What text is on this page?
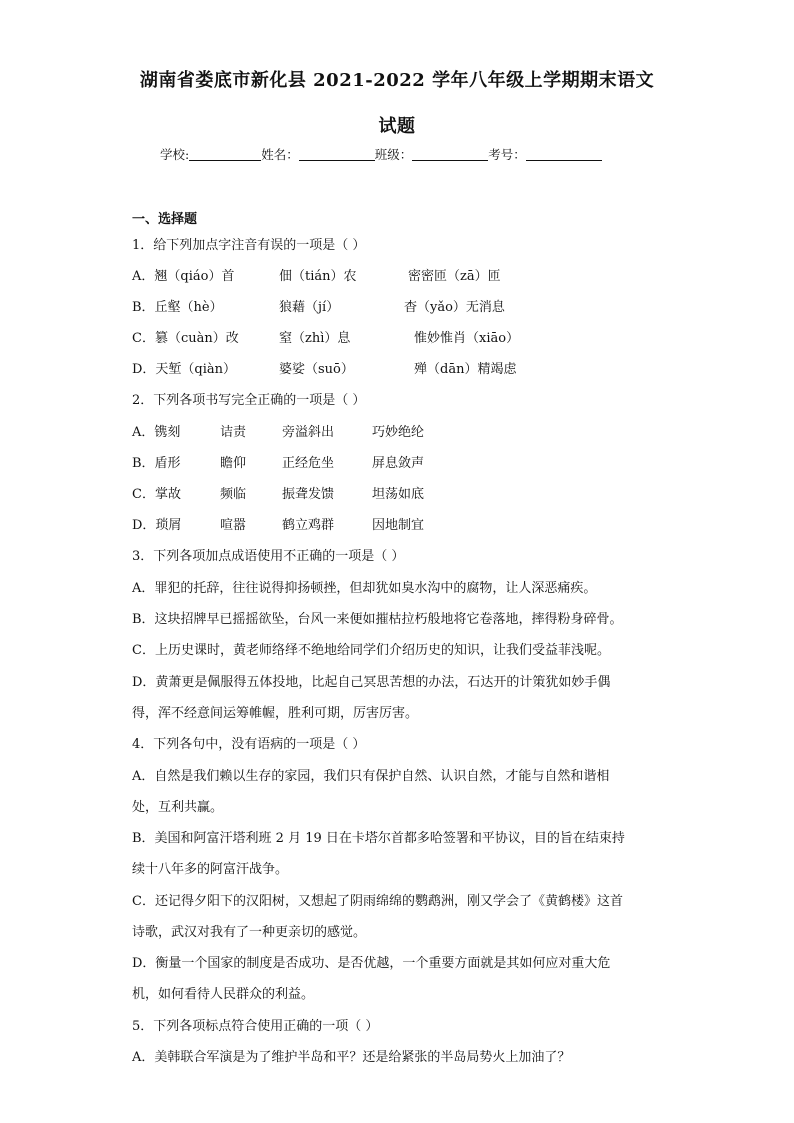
湖南省娄底市新化县 2021-2022 学年八年级上学期期末语文
试题
学校:	姓名：	班级：	考号：
一、选择题
1．给下列加点字注音有误的一项是（ ）
A．翘（qiáo）首	佃（tián）农	密密匝（zā）匝
B．丘壑（hè）	狼藉（jí）	杳（yǎo）无消息
C．篡（cuàn）改	窒（zhì）息	惟妙惟肖（xiāo）
D．天堑（qiàn）	婆娑（suō）	殚（dān）精竭虑
2．下列各项书写完全正确的一项是（ ）
A．镌刻	诘责	旁溢斜出	巧妙绝纶
B．盾形	瞻仰	正经危坐	屏息敛声
C．掌故	频临	振聋发馈	坦荡如底
D．琐屑	喧嚣	鹤立鸡群	因地制宜
3．下列各项加点成语使用不正确的一项是（ ）
A．罪犯的托辞，往往说得抑扬顿挫，但却犹如臭水沟中的腐物，让人深恶痛疾。
B．这块招牌早已摇摇欲坠，台风一来便如摧枯拉朽般地将它卷落地，摔得粉身碎骨。
C．上历史课时，黄老师络绎不绝地给同学们介绍历史的知识，让我们受益菲浅呢。
D．黄萧更是佩服得五体投地，比起自己冥思苦想的办法，石达开的计策犹如妙手偶
得，浑不经意间运筹帷幄，胜利可期，厉害厉害。
4．下列各句中，没有语病的一项是（ ）
A．自然是我们赖以生存的家园，我们只有保护自然、认识自然，才能与自然和谐相
处，互利共赢。
B．美国和阿富汗塔利班 2 月 19 日在卡塔尔首都多哈签署和平协议，目的旨在结束持
续十八年多的阿富汗战争。
C．还记得夕阳下的汉阳树，又想起了阴雨绵绵的鹦鹉洲，刚又学会了《黄鹤楼》这首
诗歌，武汉对我有了一种更亲切的感觉。
D．衡量一个国家的制度是否成功、是否优越，一个重要方面就是其如何应对重大危
机，如何看待人民群众的利益。
5．下列各项标点符合使用正确的一项（ ）
A．美韩联合军演是为了维护半岛和平？还是给紧张的半岛局势火上加油了？
